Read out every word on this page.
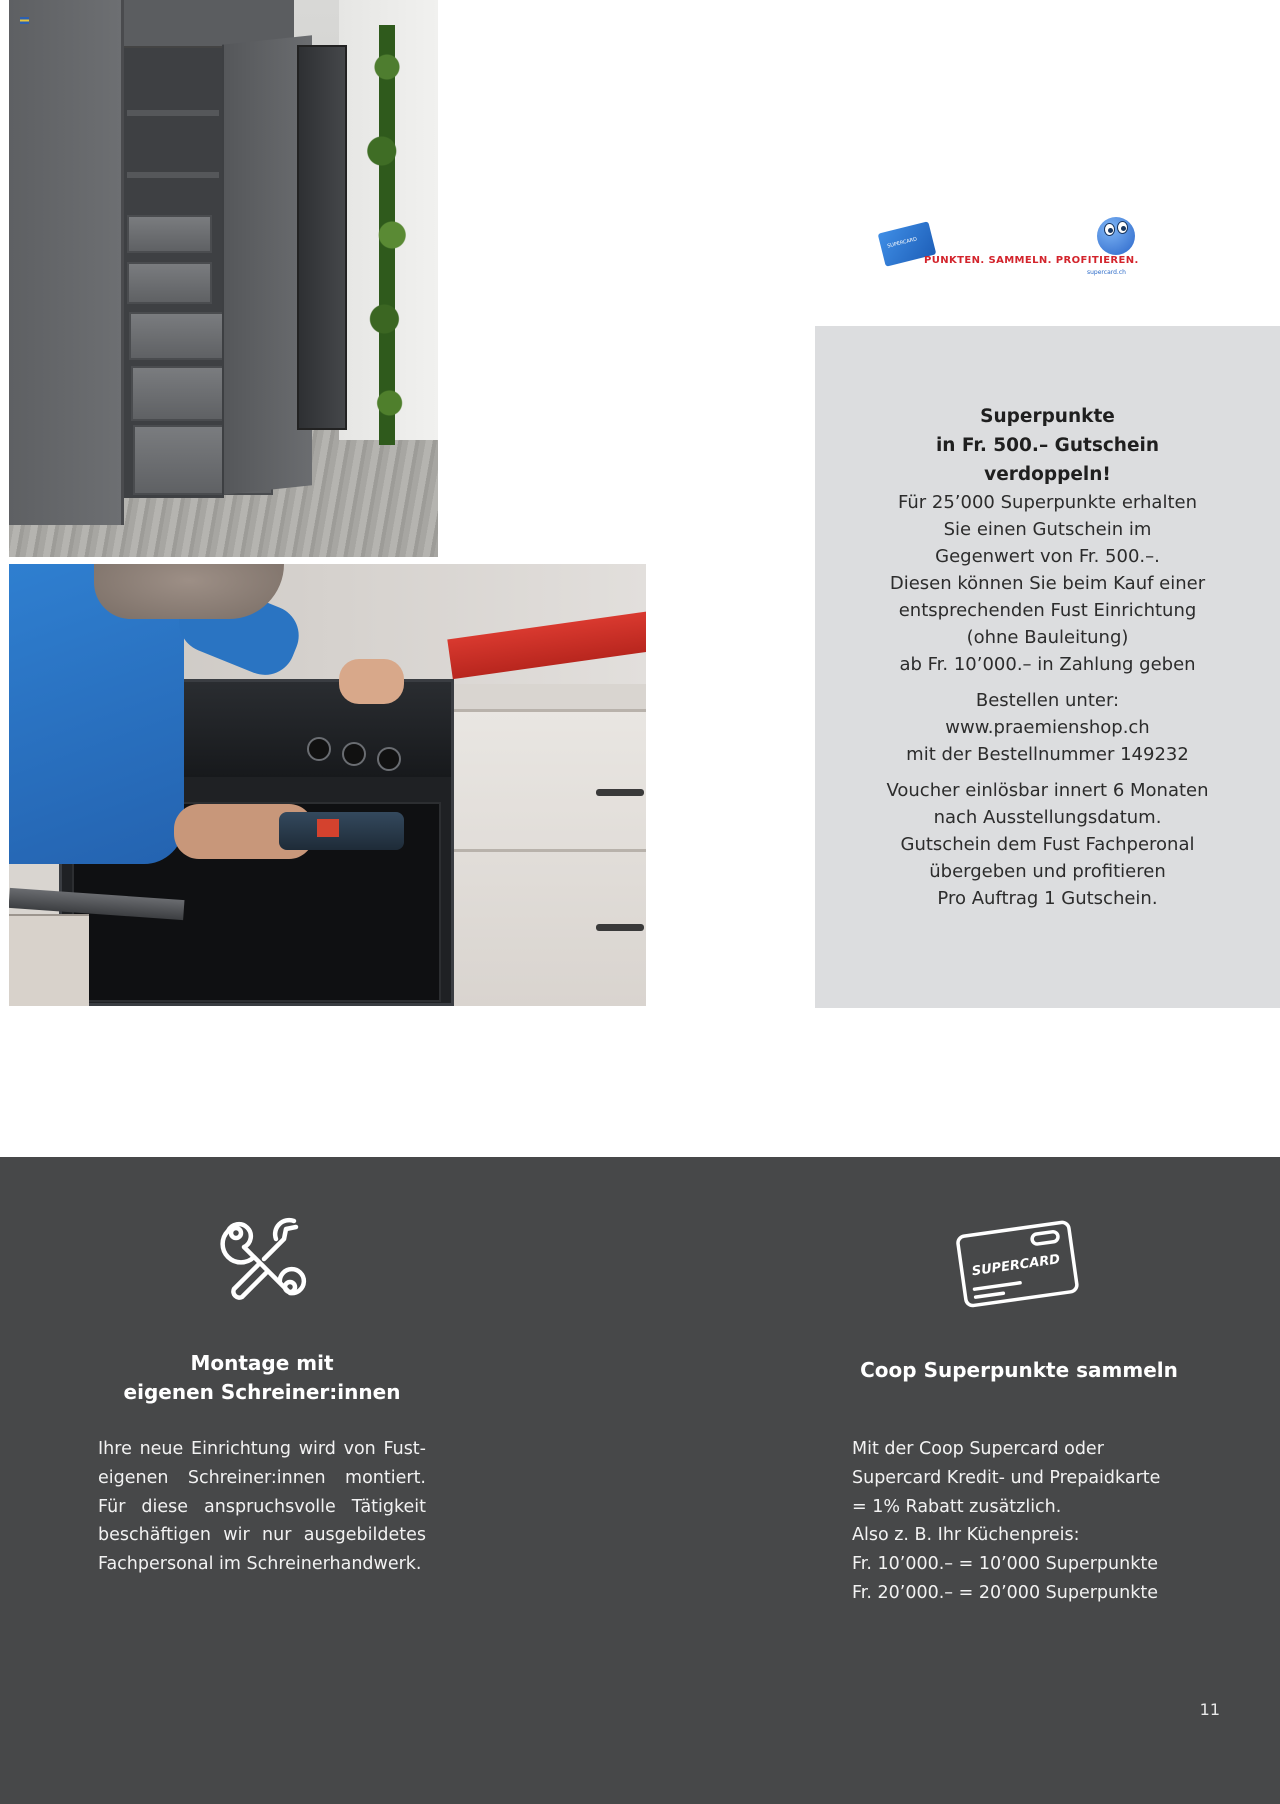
SUPERCARD
PUNKTEN. SAMMELN. PROFITIEREN.
supercard.ch
Superpunkte
in Fr. 500.– Gutschein
verdoppeln!
Für 25’000 Superpunkte erhalten
Sie einen Gutschein im
Gegenwert von Fr. 500.–.
Diesen können Sie beim Kauf einer
entsprechenden Fust Einrichtung
(ohne Bauleitung)
ab Fr. 10’000.– in Zahlung geben
Bestellen unter:
www.praemienshop.ch
mit der Bestellnummer 149232
Voucher einlösbar innert 6 Monaten
nach Ausstellungsdatum.
Gutschein dem Fust Fachperonal
übergeben und profitieren
Pro Auftrag 1 Gutschein.
Montage mit
eigenen Schreiner:innen
Ihre neue Einrichtung wird von Fust-eigenen Schreiner:innen montiert. Für diese anspruchsvolle Tätigkeit beschäftigen wir nur ausgebildetes Fachpersonal im Schreinerhandwerk.
SUPERCARD
Coop Superpunkte sammeln
Mit der Coop Supercard oder
Supercard Kredit- und Prepaidkarte
= 1% Rabatt zusätzlich.
Also z. B. Ihr Küchenpreis:
Fr. 10’000.– = 10’000 Superpunkte
Fr. 20’000.– = 20’000 Superpunkte
11
